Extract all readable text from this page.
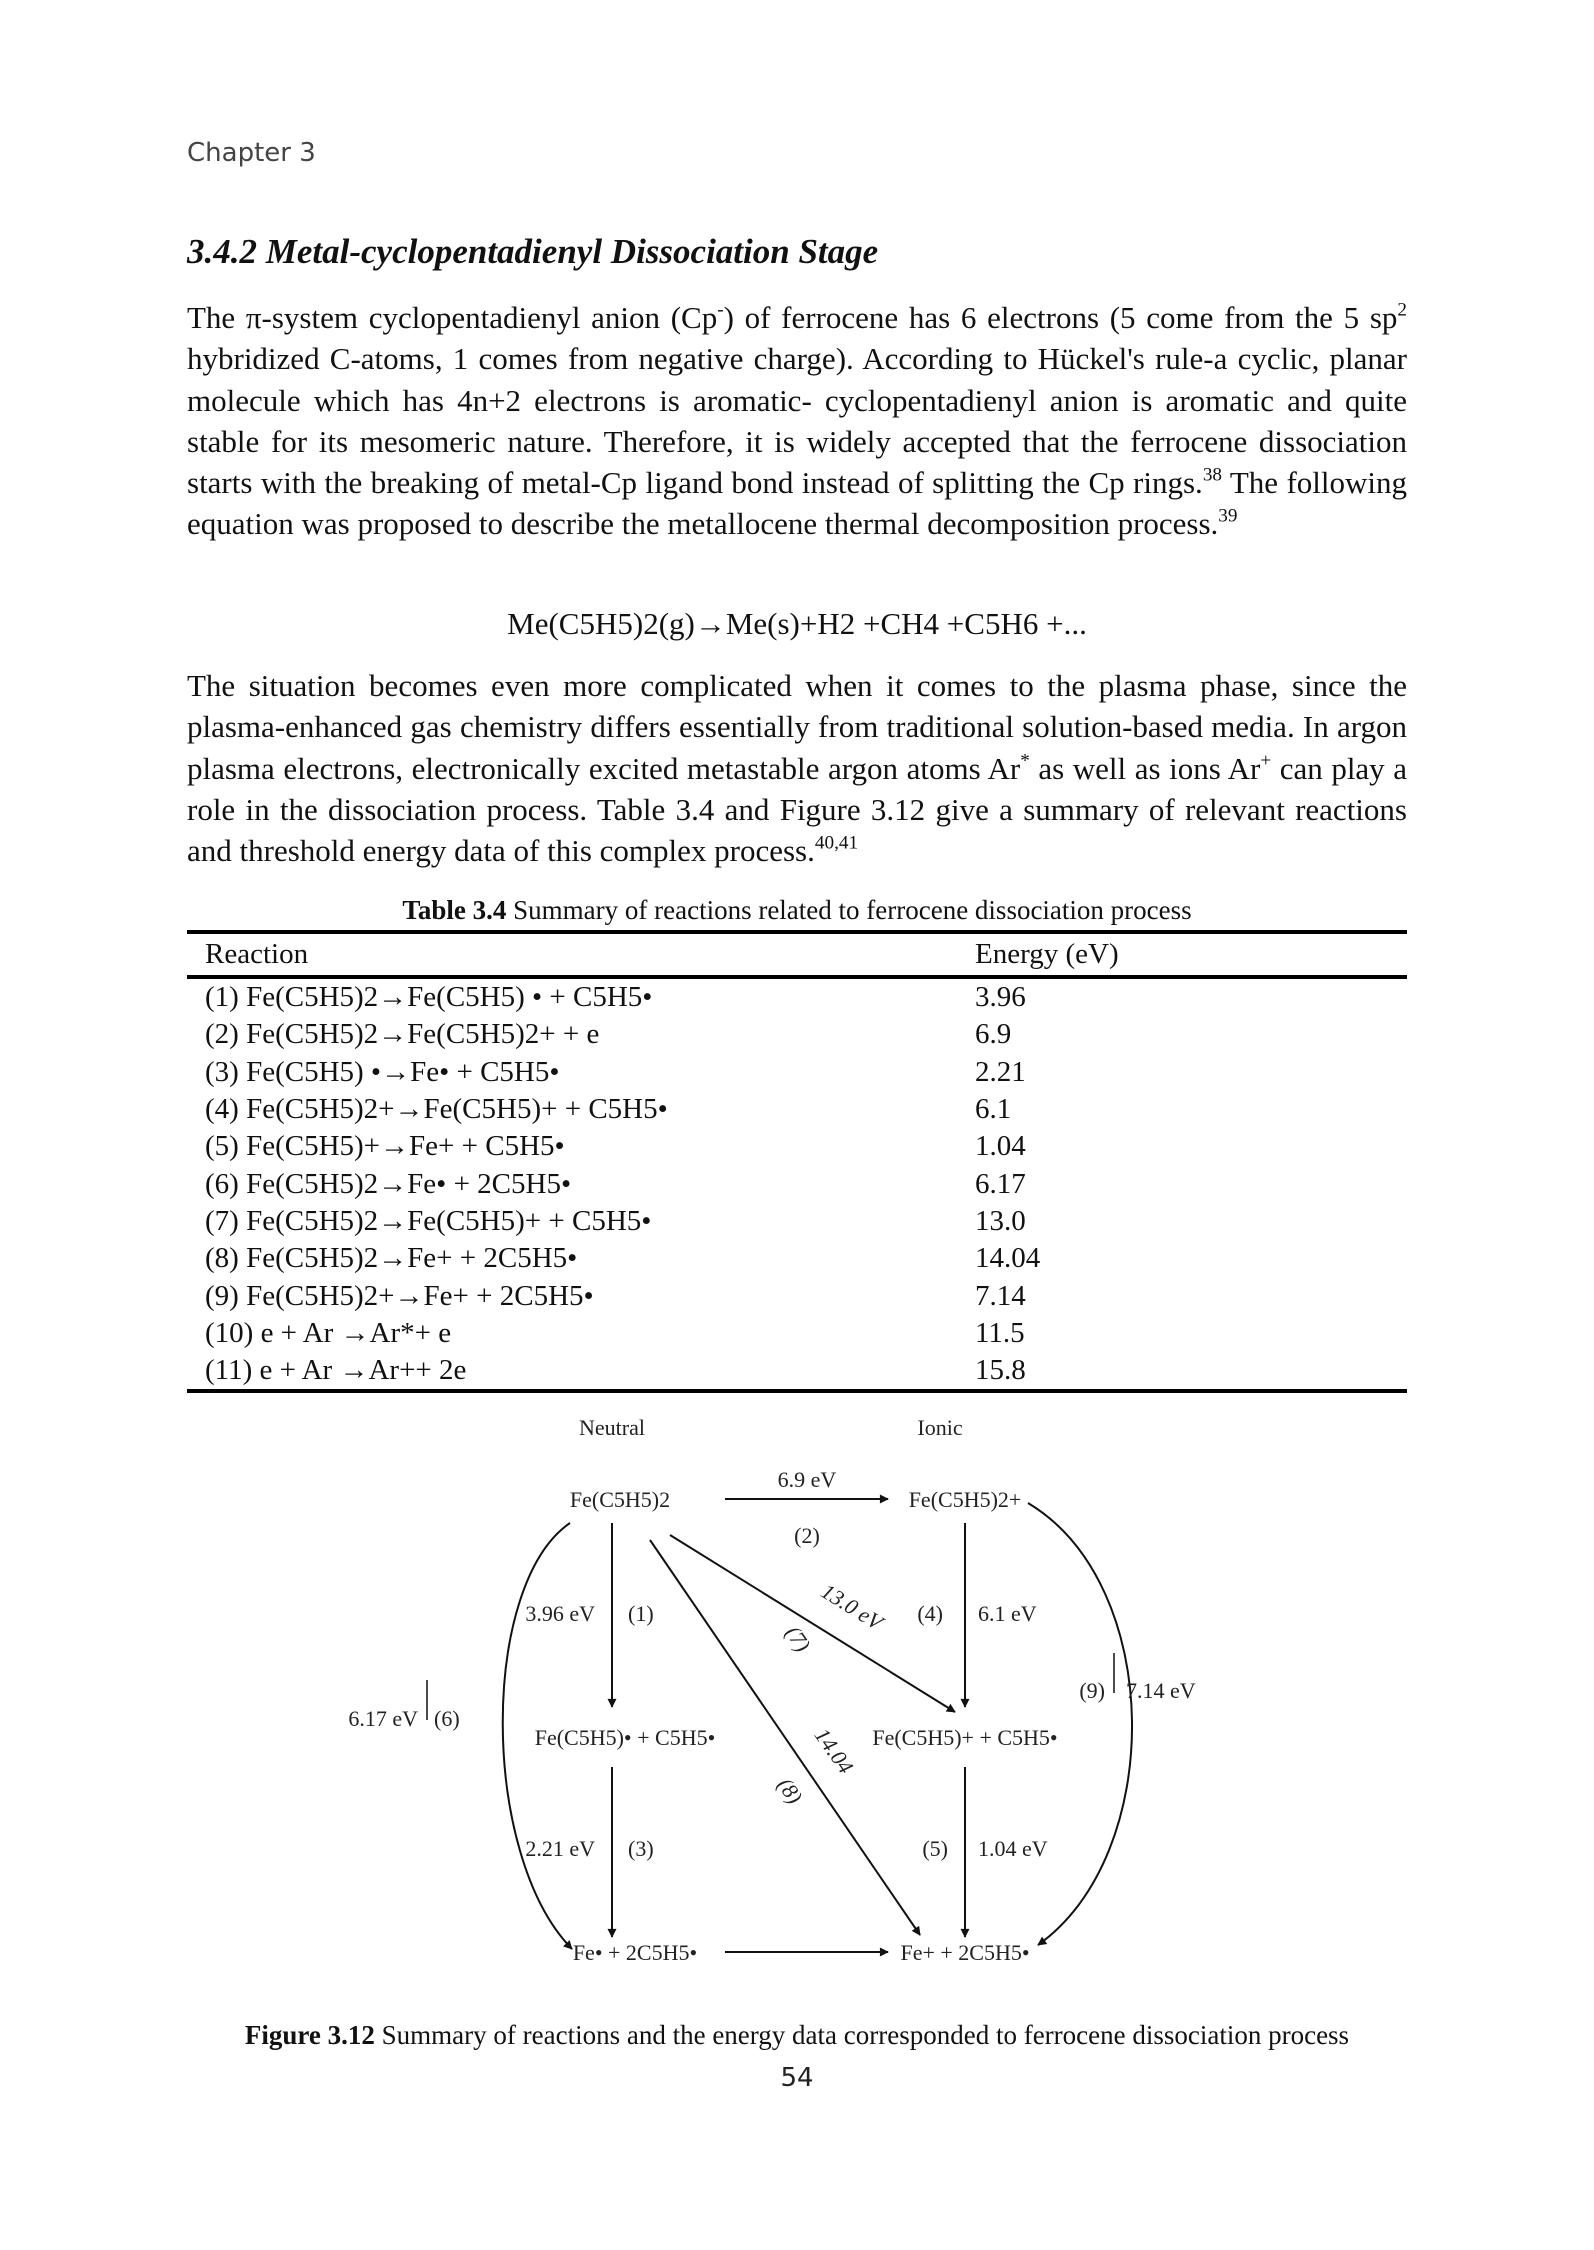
Chapter 3
3.4.2 Metal-cyclopentadienyl Dissociation Stage
The π-system cyclopentadienyl anion (Cp-) of ferrocene has 6 electrons (5 come from the 5 $sp^2$ hybridized C-atoms, 1 comes from negative charge). According to Hückel's rule-a cyclic, planar molecule which has 4n+2 electrons is aromatic- cyclopentadienyl anion is aromatic and quite stable for its mesomeric nature. Therefore, it is widely accepted that the ferrocene dissociation starts with the breaking of metal-Cp ligand bond instead of splitting the Cp rings.$^{38}$ The following equation was proposed to describe the metallocene thermal decomposition process.$^{39}$
Me(C5H5)2(g)→Me(s)+H2 +CH4 +C5H6 +...
The situation becomes even more complicated when it comes to the plasma phase, since the plasma-enhanced gas chemistry differs essentially from traditional solution-based media. In argon plasma electrons, electronically excited metastable argon atoms Ar* as well as ions Ar+ can play a role in the dissociation process. Table 3.4 and Figure 3.12 give a summary of relevant reactions and threshold energy data of this complex process.$^{40,41}$
Table 3.4 Summary of reactions related to ferrocene dissociation process
Reaction	Energy (eV)
(1) Fe(C5H5)2→Fe(C5H5) • + C5H5•	3.96
(2) Fe(C5H5)2→Fe(C5H5)2+ + e	6.9
(3) Fe(C5H5) •→Fe• + C5H5•	2.21
(4) Fe(C5H5)2+→Fe(C5H5)+ + C5H5•	6.1
(5) Fe(C5H5)+→Fe+ + C5H5•	1.04
(6) Fe(C5H5)2→Fe• + 2C5H5•	6.17
(7) Fe(C5H5)2→Fe(C5H5)+ + C5H5•	13.0
(8) Fe(C5H5)2→Fe+ + 2C5H5•	14.04
(9) Fe(C5H5)2+→Fe+ + 2C5H5•	7.14
(10) e + Ar →Ar*+ e	11.5
(11) e + Ar →Ar++ 2e	15.8
Neutral	Ionic
Fe(C5H5)2	Fe(C5H5)2+
Fe(C5H5)• + C5H5•	Fe(C5H5)+ + C5H5•
Fe• + 2C5H5•	Fe+ + 2C5H5•
6.9 eV
(2)
3.96 eV (1)	(4) 6.1 eV
2.21 eV (3)	(5) 1.04 eV
6.17 eV (6)
(9) 7.14 eV
13.0 eV
(7)
14.04
(8)
Figure 3.12 Summary of reactions and the energy data corresponded to ferrocene dissociation process
54
